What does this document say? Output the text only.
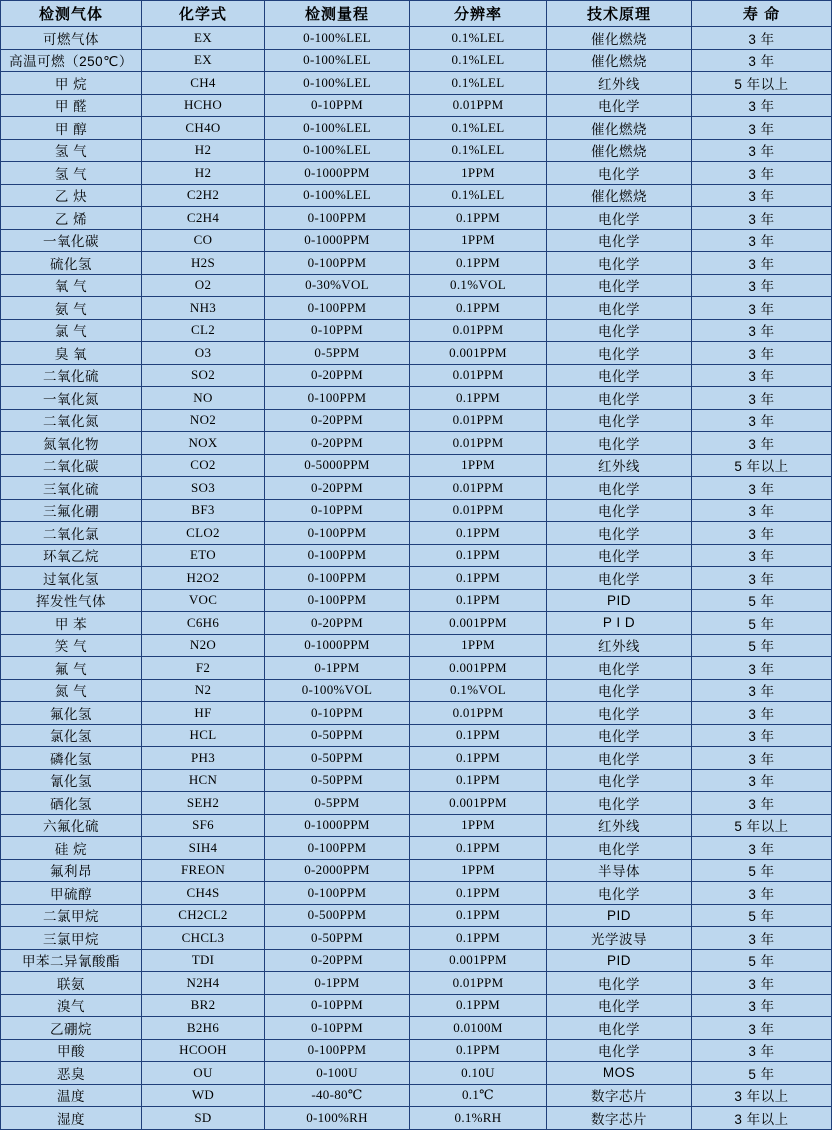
检测气体	化学式	检测量程	分辨率	技术原理	寿 命
可燃气体	EX	0-100%LEL	0.1%LEL	催化燃烧	3 年
高温可燃（250℃）	EX	0-100%LEL	0.1%LEL	催化燃烧	3 年
甲 烷	CH4	0-100%LEL	0.1%LEL	红外线	5 年以上
甲 醛	HCHO	0-10PPM	0.01PPM	电化学	3 年
甲 醇	CH4O	0-100%LEL	0.1%LEL	催化燃烧	3 年
氢 气	H2	0-100%LEL	0.1%LEL	催化燃烧	3 年
氢 气	H2	0-1000PPM	1PPM	电化学	3 年
乙 炔	C2H2	0-100%LEL	0.1%LEL	催化燃烧	3 年
乙 烯	C2H4	0-100PPM	0.1PPM	电化学	3 年
一氧化碳	CO	0-1000PPM	1PPM	电化学	3 年
硫化氢	H2S	0-100PPM	0.1PPM	电化学	3 年
氧 气	O2	0-30%VOL	0.1%VOL	电化学	3 年
氨 气	NH3	0-100PPM	0.1PPM	电化学	3 年
氯 气	CL2	0-10PPM	0.01PPM	电化学	3 年
臭 氧	O3	0-5PPM	0.001PPM	电化学	3 年
二氧化硫	SO2	0-20PPM	0.01PPM	电化学	3 年
一氧化氮	NO	0-100PPM	0.1PPM	电化学	3 年
二氧化氮	NO2	0-20PPM	0.01PPM	电化学	3 年
氮氧化物	NOX	0-20PPM	0.01PPM	电化学	3 年
二氧化碳	CO2	0-5000PPM	1PPM	红外线	5 年以上
三氧化硫	SO3	0-20PPM	0.01PPM	电化学	3 年
三氟化硼	BF3	0-10PPM	0.01PPM	电化学	3 年
二氧化氯	CLO2	0-100PPM	0.1PPM	电化学	3 年
环氧乙烷	ETO	0-100PPM	0.1PPM	电化学	3 年
过氧化氢	H2O2	0-100PPM	0.1PPM	电化学	3 年
挥发性气体	VOC	0-100PPM	0.1PPM	PID	5 年
甲 苯	C6H6	0-20PPM	0.001PPM	P I D	5 年
笑 气	N2O	0-1000PPM	1PPM	红外线	5 年
氟 气	F2	0-1PPM	0.001PPM	电化学	3 年
氮 气	N2	0-100%VOL	0.1%VOL	电化学	3 年
氟化氢	HF	0-10PPM	0.01PPM	电化学	3 年
氯化氢	HCL	0-50PPM	0.1PPM	电化学	3 年
磷化氢	PH3	0-50PPM	0.1PPM	电化学	3 年
氰化氢	HCN	0-50PPM	0.1PPM	电化学	3 年
硒化氢	SEH2	0-5PPM	0.001PPM	电化学	3 年
六氟化硫	SF6	0-1000PPM	1PPM	红外线	5 年以上
硅 烷	SIH4	0-100PPM	0.1PPM	电化学	3 年
氟利昂	FREON	0-2000PPM	1PPM	半导体	5 年
甲硫醇	CH4S	0-100PPM	0.1PPM	电化学	3 年
二氯甲烷	CH2CL2	0-500PPM	0.1PPM	PID	5 年
三氯甲烷	CHCL3	0-50PPM	0.1PPM	光学波导	3 年
甲苯二异氰酸酯	TDI	0-20PPM	0.001PPM	PID	5 年
联氨	N2H4	0-1PPM	0.01PPM	电化学	3 年
溴气	BR2	0-10PPM	0.1PPM	电化学	3 年
乙硼烷	B2H6	0-10PPM	0.0100M	电化学	3 年
甲酸	HCOOH	0-100PPM	0.1PPM	电化学	3 年
恶臭	OU	0-100U	0.10U	MOS	5 年
温度	WD	-40-80℃	0.1℃	数字芯片	3 年以上
湿度	SD	0-100%RH	0.1%RH	数字芯片	3 年以上
